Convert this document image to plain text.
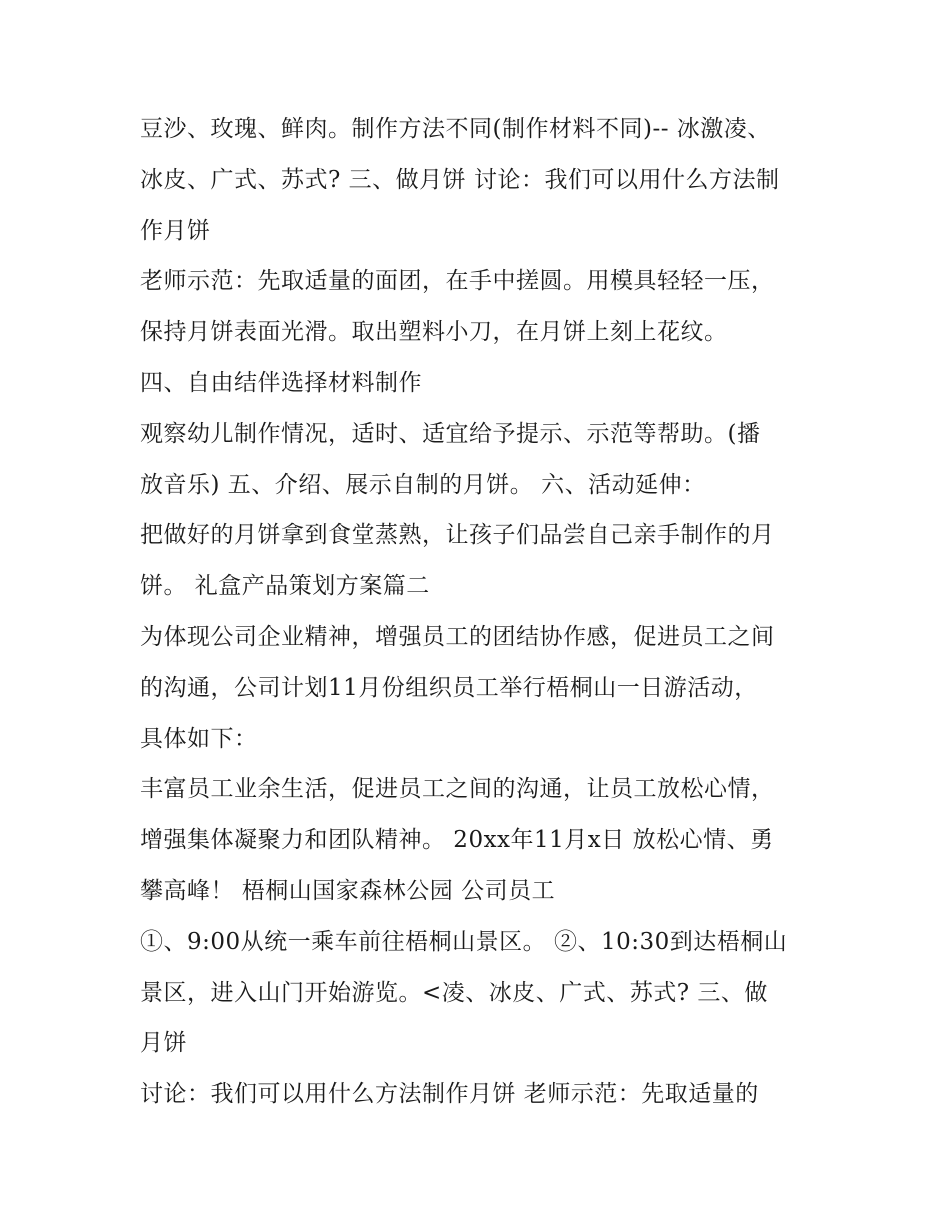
豆沙、玫瑰、鲜肉。制作方法不同(制作材料不同)-- 冰激凌、
冰皮、广式、苏式? 三、做月饼 讨论：我们可以用什么方法制
作月饼
老师示范：先取适量的面团，在手中搓圆。用模具轻轻一压，
保持月饼表面光滑。取出塑料小刀，在月饼上刻上花纹。
四、自由结伴选择材料制作
观察幼儿制作情况，适时、适宜给予提示、示范等帮助。(播
放音乐) 五、介绍、展示自制的月饼。 六、活动延伸：
把做好的月饼拿到食堂蒸熟，让孩子们品尝自己亲手制作的月
饼。 礼盒产品策划方案篇二
为体现公司企业精神，增强员工的团结协作感，促进员工之间
的沟通，公司计划11月份组织员工举行梧桐山一日游活动，
具体如下：
丰富员工业余生活，促进员工之间的沟通，让员工放松心情，
增强集体凝聚力和团队精神。 20xx年11月x日 放松心情、勇
攀高峰！ 梧桐山国家森林公园 公司员工
①、9:00从统一乘车前往梧桐山景区。 ②、10:30到达梧桐山
景区，进入山门开始游览。<凌、冰皮、广式、苏式? 三、做
月饼
讨论：我们可以用什么方法制作月饼 老师示范：先取适量的
